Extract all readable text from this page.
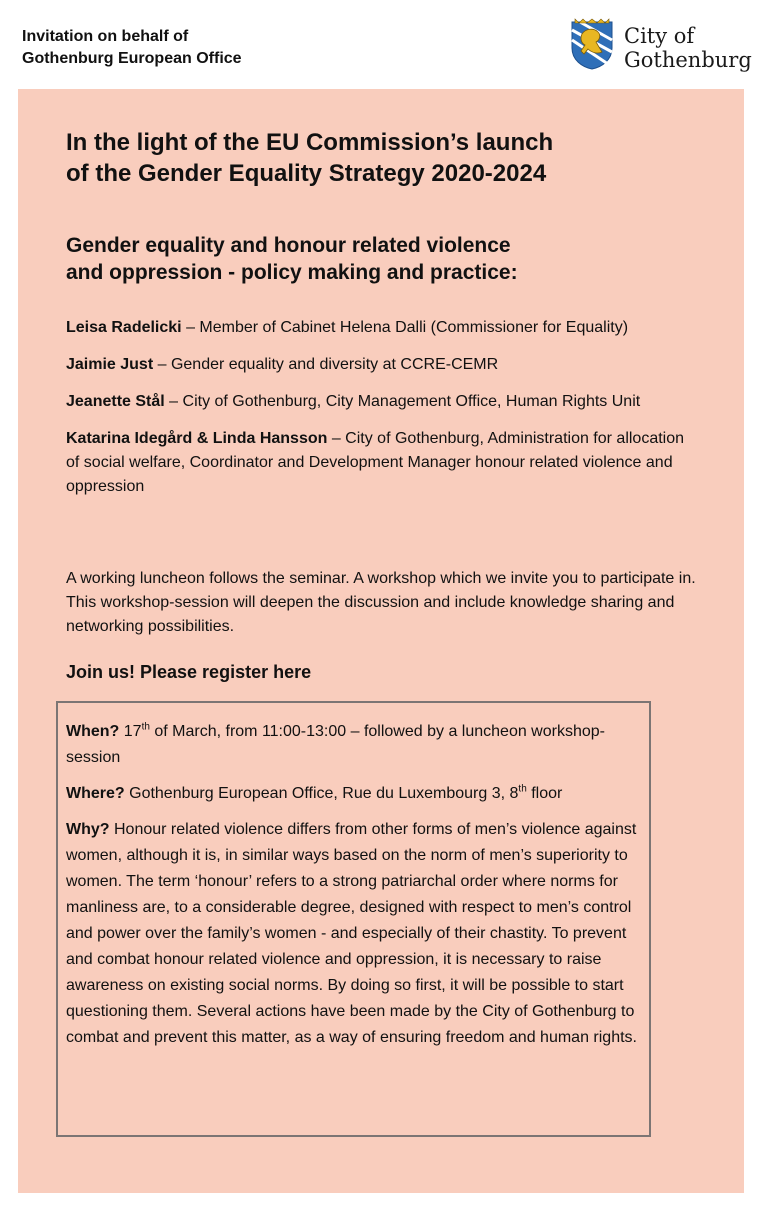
Invitation on behalf of
Gothenburg European Office
City of
Gothenburg
In the light of the EU Commission’s launch
of the Gender Equality Strategy 2020-2024
Gender equality and honour related violence
and oppression - policy making and practice:
Leisa Radelicki – Member of Cabinet Helena Dalli (Commissioner for Equality)
Jaimie Just – Gender equality and diversity at CCRE-CEMR
Jeanette Stål – City of Gothenburg, City Management Office, Human Rights Unit
Katarina Idegård & Linda Hansson – City of Gothenburg, Administration for allocation of social welfare, Coordinator and Development Manager honour related violence and oppression
A working luncheon follows the seminar. A workshop which we invite you to participate in. This workshop-session will deepen the discussion and include knowledge sharing and networking possibilities.
Join us! Please register here
When? 17th of March, from 11:00-13:00 – followed by a luncheon workshop-session
Where? Gothenburg European Office, Rue du Luxembourg 3, 8th floor
Why? Honour related violence differs from other forms of men’s violence against women, although it is, in similar ways based on the norm of men’s superiority to women. The term ‘honour’ refers to a strong patriarchal order where norms for manliness are, to a considerable degree, designed with respect to men’s control and power over the family’s women - and especially of their chastity. To prevent and combat honour related violence and oppression, it is necessary to raise awareness on existing social norms. By doing so first, it will be possible to start questioning them. Several actions have been made by the City of Gothenburg to combat and prevent this matter, as a way of ensuring freedom and human rights.
